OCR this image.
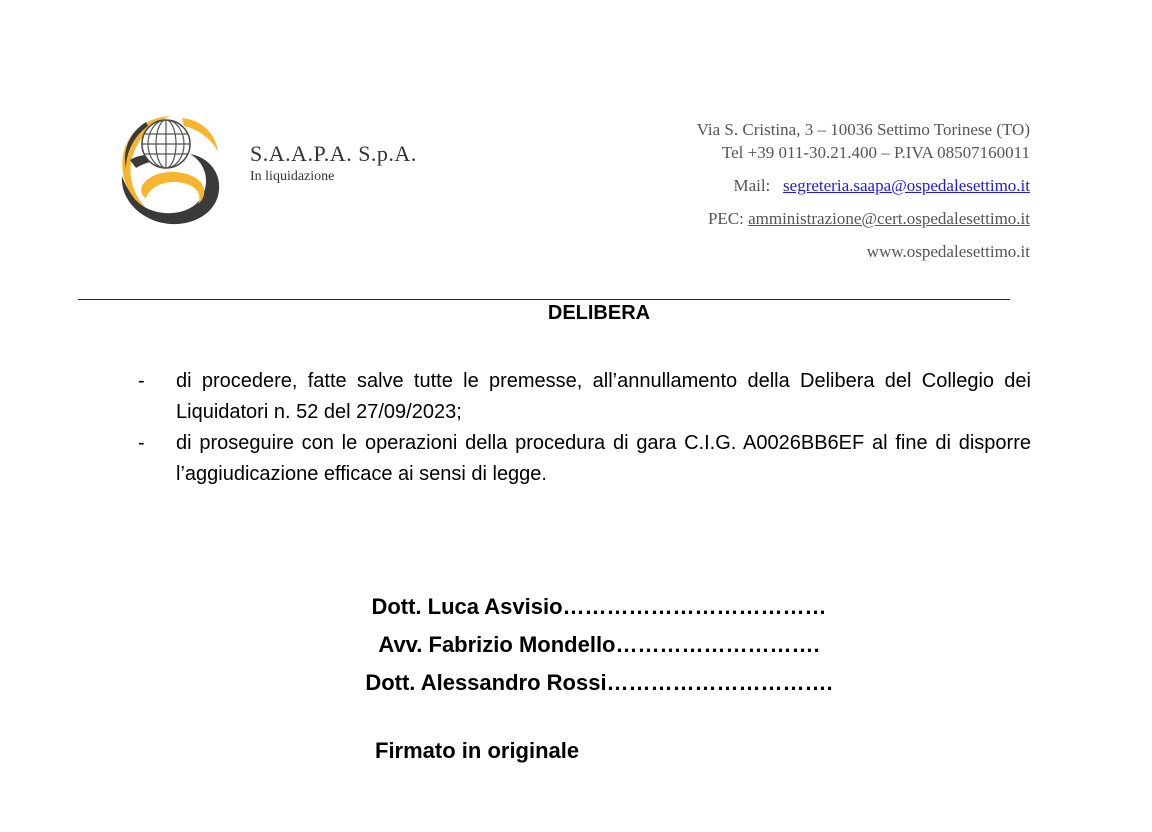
S.A.A.P.A. S.p.A.
In liquidazione
Via S. Cristina, 3 – 10036 Settimo Torinese (TO)
Tel +39 011-30.21.400 – P.IVA 08507160011
Mail: segreteria.saapa@ospedalesettimo.it
PEC: amministrazione@cert.ospedalesettimo.it
www.ospedalesettimo.it
DELIBERA
-	di procedere, fatte salve tutte le premesse, all’annullamento della Delibera del Collegio dei Liquidatori n. 52 del 27/09/2023;
-	di proseguire con le operazioni della procedura di gara C.I.G. A0026BB6EF al fine di disporre l’aggiudicazione efficace ai sensi di legge.
Dott. Luca Asvisio………………………………
Avv. Fabrizio Mondello……………………….
Dott. Alessandro Rossi………………………….
Firmato in originale
